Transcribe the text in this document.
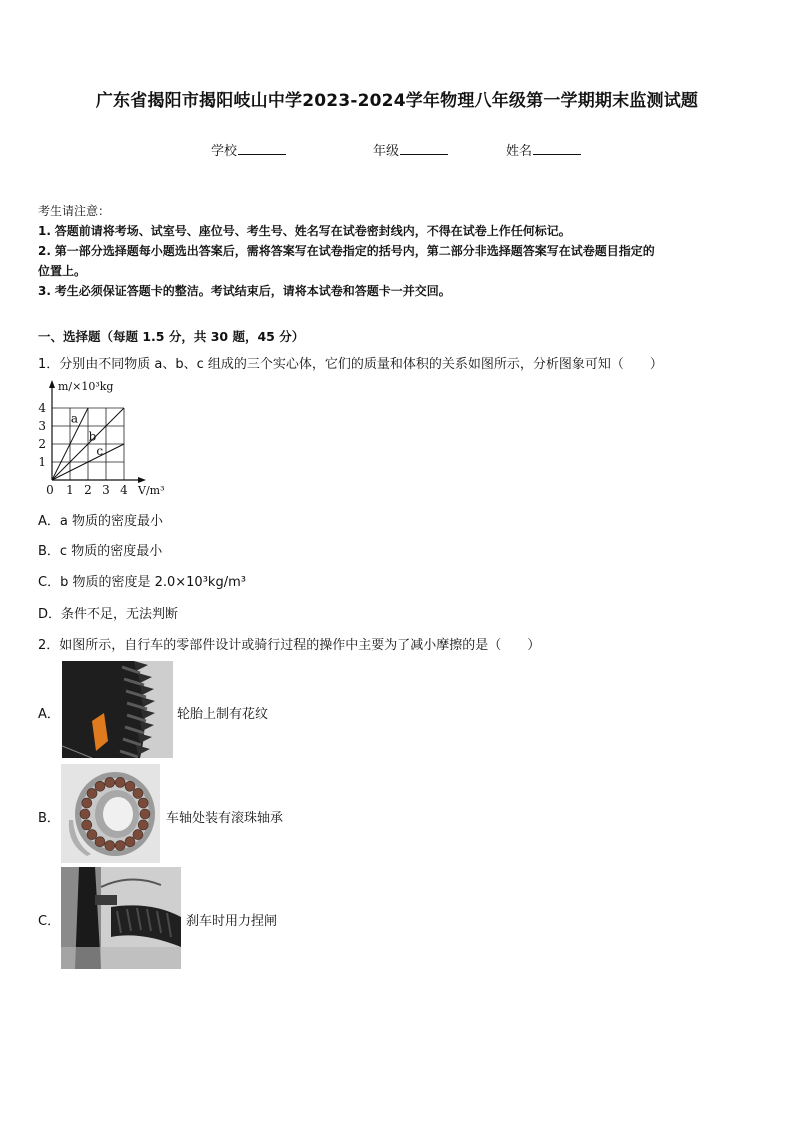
广东省揭阳市揭阳岐山中学2023-2024学年物理八年级第一学期期末监测试题
学校	年级	姓名
考生请注意：
1. 答题前请将考场、试室号、座位号、考生号、姓名写在试卷密封线内，不得在试卷上作任何标记。
2. 第一部分选择题每小题选出答案后，需将答案写在试卷指定的括号内，第二部分非选择题答案写在试卷题目指定的
位置上。
3. 考生必须保证答题卡的整洁。考试结束后，请将本试卷和答题卡一并交回。
一、选择题（每题 1.5 分，共 30 题，45 分）
1．分别由不同物质 a、b、c 组成的三个实心体，它们的质量和体积的关系如图所示，分析图象可知（　　）
m/×10³kg
V/m³
0 1 2 3 4
1
2
3
4
a
b
c
A．a 物质的密度最小
B．c 物质的密度最小
C．b 物质的密度是 2.0×10³kg/m³
D．条件不足，无法判断
2．如图所示，自行车的零部件设计或骑行过程的操作中主要为了减小摩擦的是（　　）
A．	轮胎上制有花纹
B．	车轴处装有滚珠轴承
C．	刹车时用力捏闸
